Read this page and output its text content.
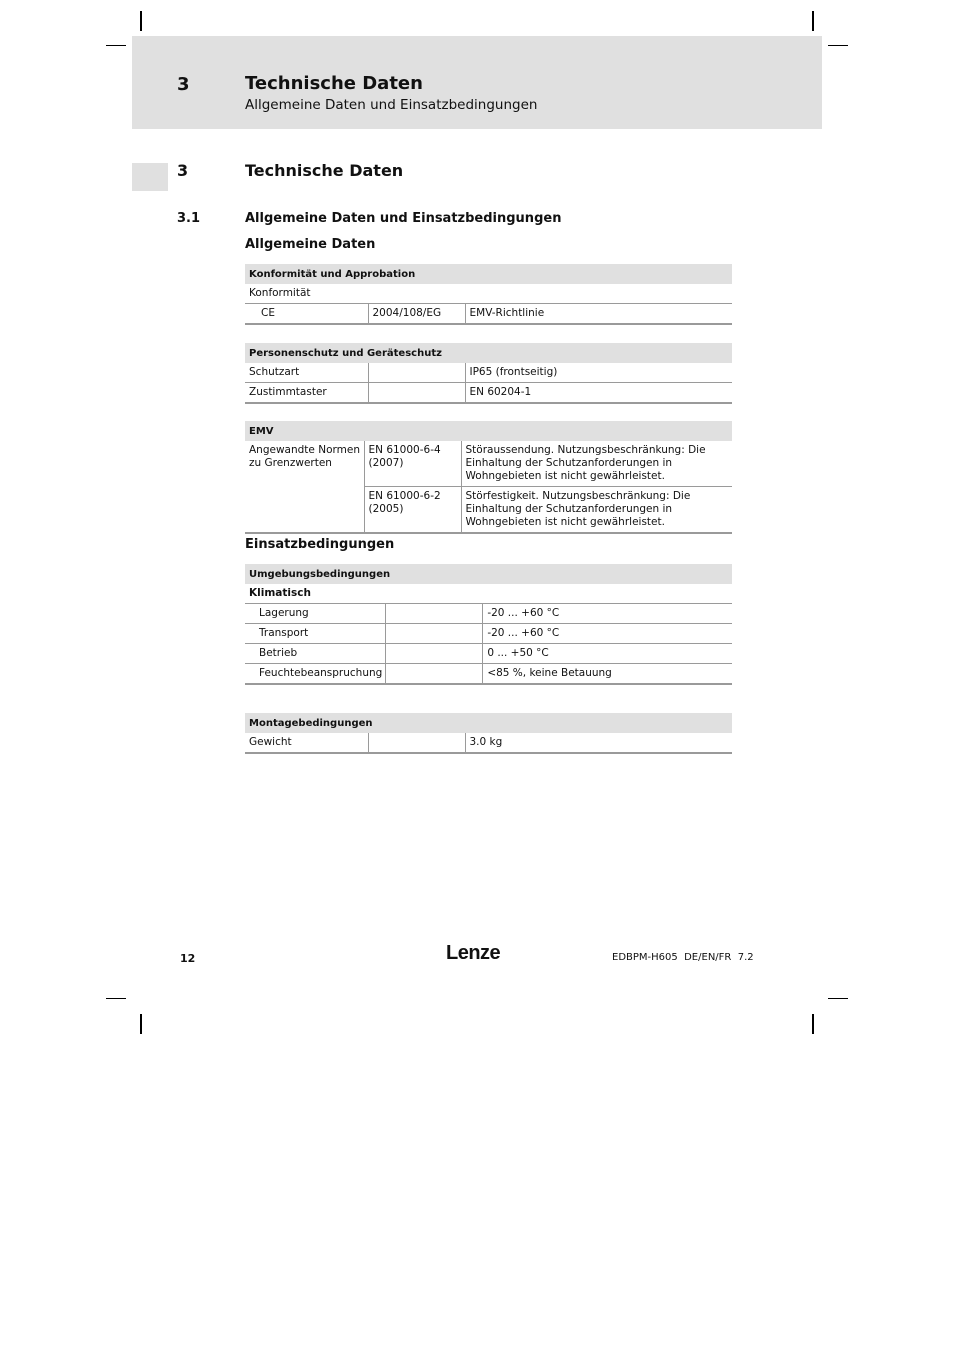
3	Technische Daten
Allgemeine Daten und Einsatzbedingungen
3	Technische Daten
3.1	Allgemeine Daten und Einsatzbedingungen
Allgemeine Daten
Konformität und Approbation
Konformität
CE	2004/108/EG	EMV-Richtlinie
Personenschutz und Geräteschutz		
Schutzart		IP65 (frontseitig)
Zustimmtaster		EN 60204-1
EMV		
Angewandte Normen zu Grenzwerten	EN 61000-6-4 (2007)	Störaussendung. Nutzungsbeschränkung: Die Einhaltung der Schutzanforderungen in Wohngebieten ist nicht gewährleistet.
	EN 61000-6-2 (2005)	Störfestigkeit. Nutzungsbeschränkung: Die Einhaltung der Schutzanforderungen in Wohngebieten ist nicht gewährleistet.
Einsatzbedingungen
Umgebungsbedingungen		
Klimatisch		
Lagerung		-20 ... +60 °C
Transport		-20 ... +60 °C
Betrieb		0 ... +50 °C
Feuchtebeanspruchung		<85 %, keine Betauung
Montagebedingungen
Gewicht		3.0 kg
12	Lenze	EDBPM-H605  DE/EN/FR  7.2
